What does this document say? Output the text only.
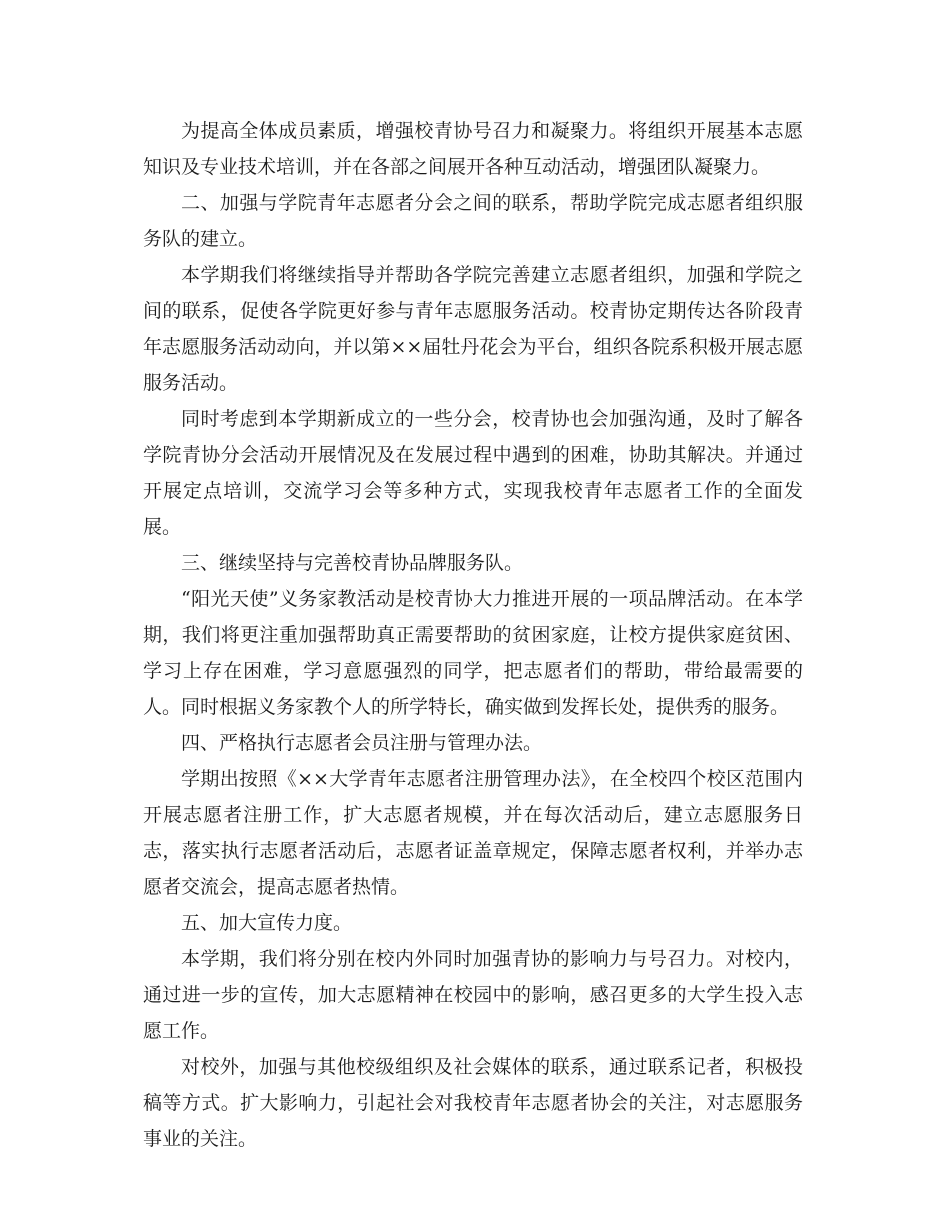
为提高全体成员素质，增强校青协号召力和凝聚力。将组织开展基本志愿知识及专业技术培训，并在各部之间展开各种互动活动，增强团队凝聚力。

二、加强与学院青年志愿者分会之间的联系，帮助学院完成志愿者组织服务队的建立。

本学期我们将继续指导并帮助各学院完善建立志愿者组织，加强和学院之间的联系，促使各学院更好参与青年志愿服务活动。校青协定期传达各阶段青年志愿服务活动动向，并以第××届牡丹花会为平台，组织各院系积极开展志愿服务活动。

同时考虑到本学期新成立的一些分会，校青协也会加强沟通，及时了解各学院青协分会活动开展情况及在发展过程中遇到的困难，协助其解决。并通过开展定点培训，交流学习会等多种方式，实现我校青年志愿者工作的全面发展。

三、继续坚持与完善校青协品牌服务队。

“阳光天使”义务家教活动是校青协大力推进开展的一项品牌活动。在本学期，我们将更注重加强帮助真正需要帮助的贫困家庭，让校方提供家庭贫困、学习上存在困难，学习意愿强烈的同学，把志愿者们的帮助，带给最需要的人。同时根据义务家教个人的所学特长，确实做到发挥长处，提供秀的服务。

四、严格执行志愿者会员注册与管理办法。

学期出按照《××大学青年志愿者注册管理办法》，在全校四个校区范围内开展志愿者注册工作，扩大志愿者规模，并在每次活动后，建立志愿服务日志，落实执行志愿者活动后，志愿者证盖章规定，保障志愿者权利，并举办志愿者交流会，提高志愿者热情。

五、加大宣传力度。

本学期，我们将分别在校内外同时加强青协的影响力与号召力。对校内，通过进一步的宣传，加大志愿精神在校园中的影响，感召更多的大学生投入志愿工作。

对校外，加强与其他校级组织及社会媒体的联系，通过联系记者，积极投稿等方式。扩大影响力，引起社会对我校青年志愿者协会的关注，对志愿服务事业的关注。
